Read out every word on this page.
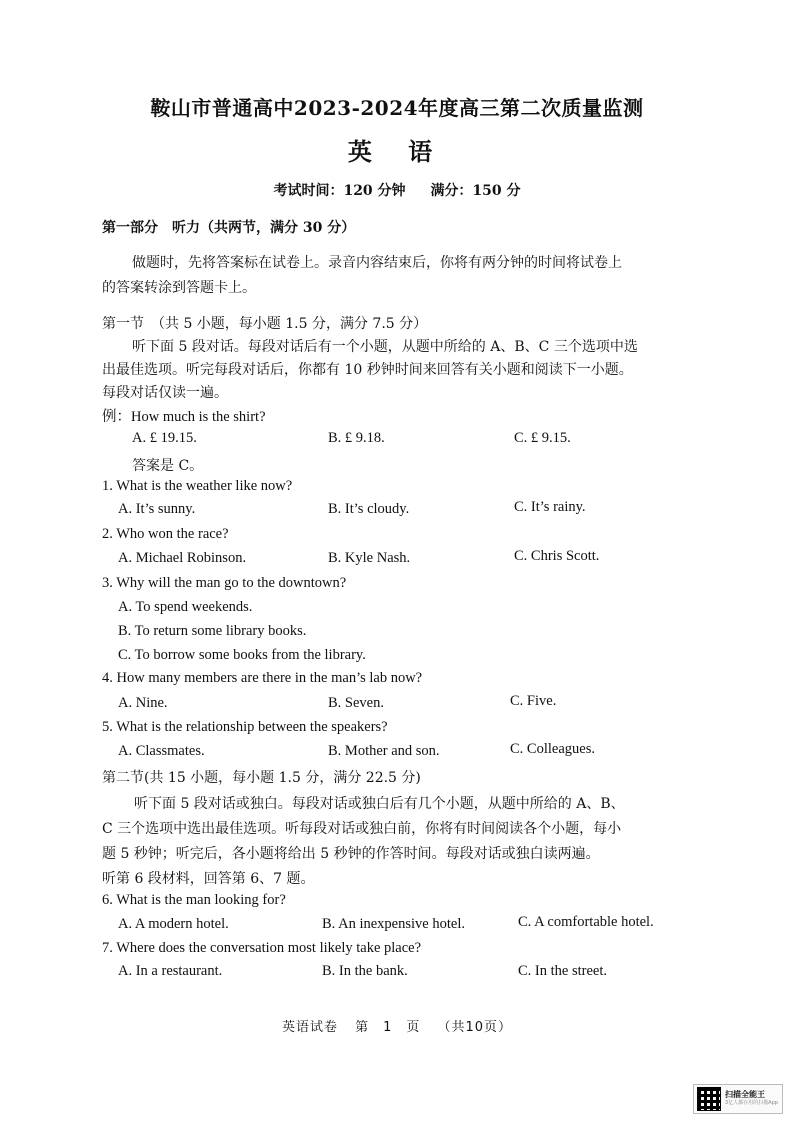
鞍山市普通高中2023-2024年度高三第二次质量监测
英 语
考试时间：120 分钟 满分：150 分
第一部分　听力（共两节，满分 30 分）
做题时，先将答案标在试卷上。录音内容结束后，你将有两分钟的时间将试卷上
的答案转涂到答题卡上。
第一节　（共 5 小题，每小题 1.5 分，满分 7.5 分）
听下面 5 段对话。每段对话后有一个小题，从题中所给的 A、B、C 三个选项中选
出最佳选项。听完每段对话后，你都有 10 秒钟时间来回答有关小题和阅读下一小题。
每段对话仅读一遍。
例：How much is the shirt?
A. £ 19.15.	B. £ 9.18.	C. £ 9.15.
答案是 C。
1. What is the weather like now?
A. It’s sunny.	B. It’s cloudy.	C. It’s rainy.
2. Who won the race?
A. Michael Robinson.	B. Kyle Nash.	C. Chris Scott.
3. Why will the man go to the downtown?
A. To spend weekends.
B. To return some library books.
C. To borrow some books from the library.
4. How many members are there in the man’s lab now?
A. Nine.	B. Seven.	C. Five.
5. What is the relationship between the speakers?
A. Classmates.	B. Mother and son.	C. Colleagues.
第二节(共 15 小题，每小题 1.5 分，满分 22.5 分)
听下面 5 段对话或独白。每段对话或独白后有几个小题，从题中所给的 A、B、
C 三个选项中选出最佳选项。听每段对话或独白前，你将有时间阅读各个小题，每小
题 5 秒钟；听完后，各小题将给出 5 秒钟的作答时间。每段对话或独白读两遍。
听第 6 段材料，回答第 6、7 题。
6. What is the man looking for?
A. A modern hotel.	B. An inexpensive hotel.	C. A comfortable hotel.
7. Where does the conversation most likely take place?
A. In a restaurant.	B. In the bank.	C. In the street.
英语试卷 第　1　页 （共10页）
扫描全能王
3亿人都在用的扫描App
